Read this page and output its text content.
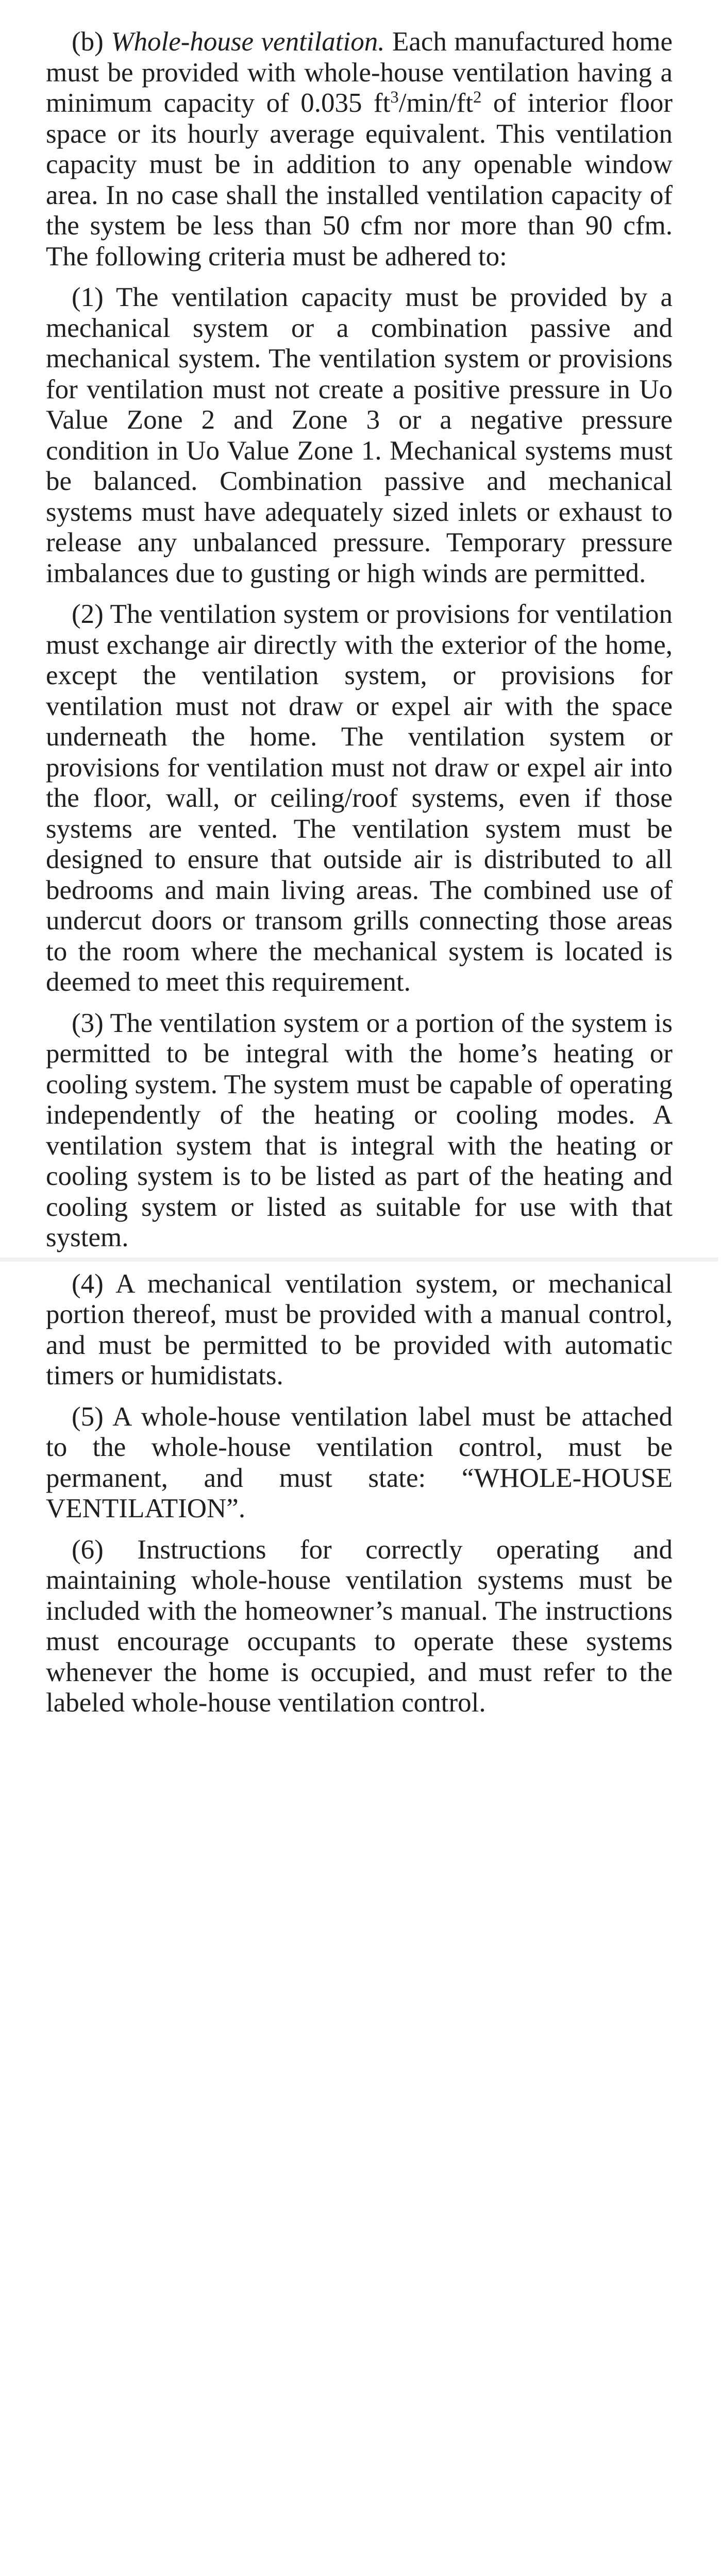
(b) Whole-house ventilation. Each manufactured home must be provided with whole-house ventilation having a minimum capacity of 0.035 $ft^3/\min/ft^2$ of interior floor space or its hourly average equivalent. This ventilation capacity must be in addition to any openable window area. In no case shall the installed ventilation capacity of the system be less than 50 cfm nor more than 90 cfm. The following criteria must be adhered to:

(1) The ventilation capacity must be provided by a mechanical system or a combination passive and mechanical system. The ventilation system or provisions for ventilation must not create a positive pressure in Uo Value Zone 2 and Zone 3 or a negative pressure condition in Uo Value Zone 1. Mechanical systems must be balanced. Combination passive and mechanical systems must have adequately sized inlets or exhaust to release any unbalanced pressure. Temporary pressure imbalances due to gusting or high winds are permitted.

(2) The ventilation system or provisions for ventilation must exchange air directly with the exterior of the home, except the ventilation system, or provisions for ventilation must not draw or expel air with the space underneath the home. The ventilation system or provisions for ventilation must not draw or expel air into the floor, wall, or ceiling/roof systems, even if those systems are vented. The ventilation system must be designed to ensure that outside air is distributed to all bedrooms and main living areas. The combined use of undercut doors or transom grills connecting those areas to the room where the mechanical system is located is deemed to meet this requirement.

(3) The ventilation system or a portion of the system is permitted to be integral with the home’s heating or cooling system. The system must be capable of operating independently of the heating or cooling modes. A ventilation system that is integral with the heating or cooling system is to be listed as part of the heating and cooling system or listed as suitable for use with that system.

(4) A mechanical ventilation system, or mechanical portion thereof, must be provided with a manual control, and must be permitted to be provided with automatic timers or humidistats.

(5) A whole-house ventilation label must be attached to the whole-house ventilation control, must be permanent, and must state: “WHOLE-HOUSE VENTILATION”.

(6) Instructions for correctly operating and maintaining whole-house ventilation systems must be included with the homeowner’s manual. The instructions must encourage occupants to operate these systems whenever the home is occupied, and must refer to the labeled whole-house ventilation control.
